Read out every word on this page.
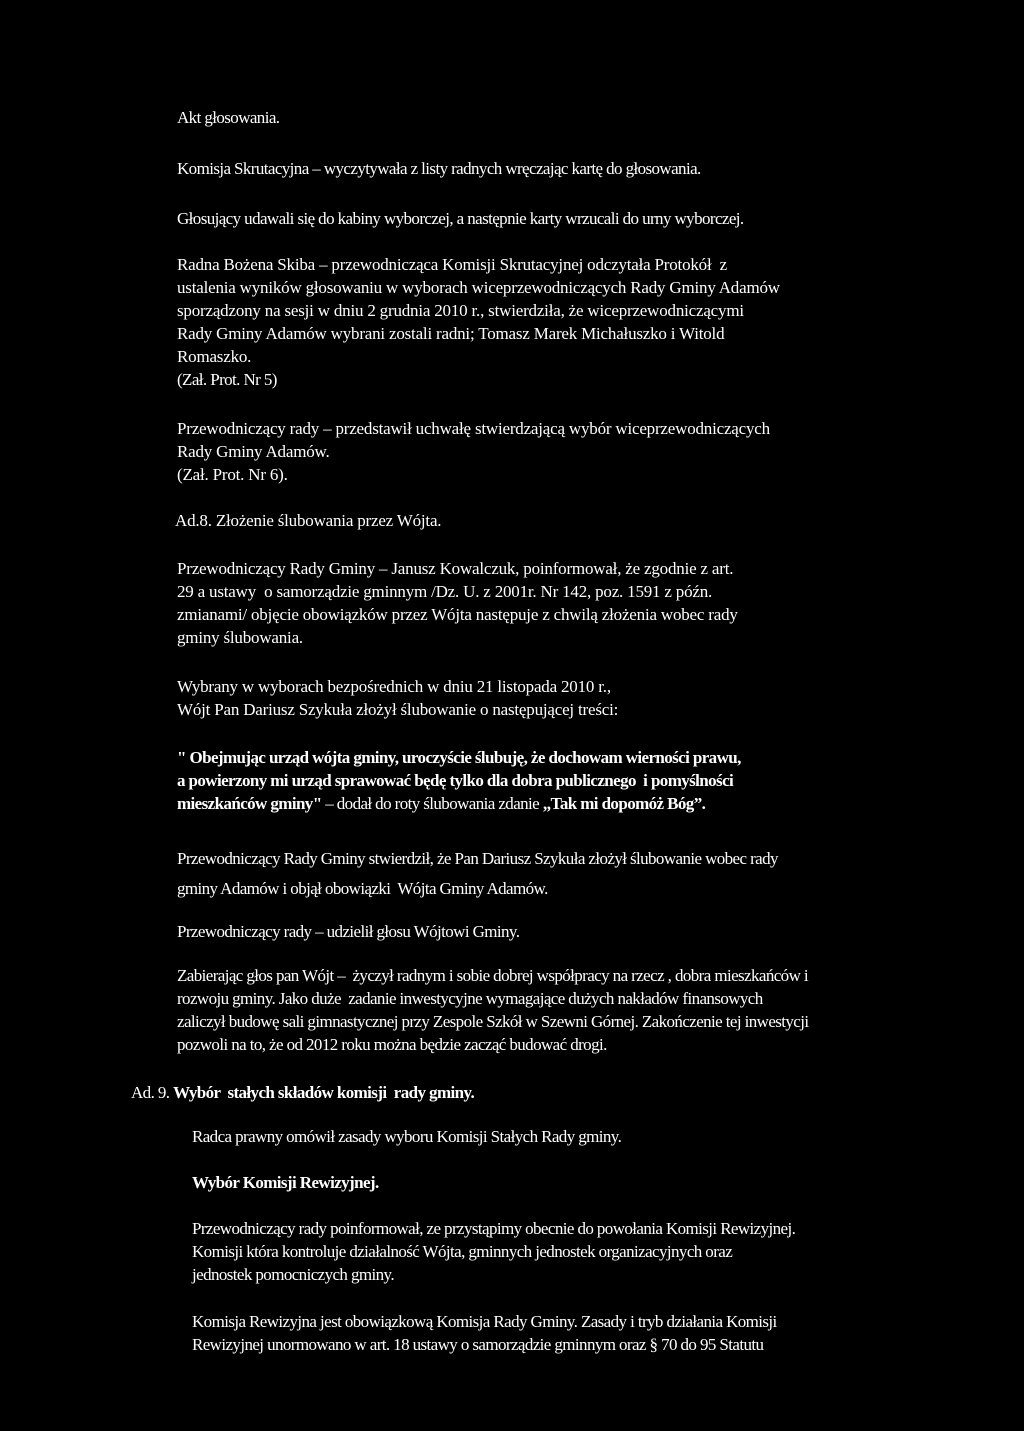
Akt głosowania.
Komisja Skrutacyjna – wyczytywała z listy radnych wręczając kartę do głosowania.
Głosujący udawali się do kabiny wyborczej, a następnie karty wrzucali do urny wyborczej.
Radna Bożena Skiba – przewodnicząca Komisji Skrutacyjnej odczytała Protokół  z
ustalenia wyników głosowaniu w wyborach wiceprzewodniczących Rady Gminy Adamów
sporządzony na sesji w dniu 2 grudnia 2010 r., stwierdziła, że wiceprzewodniczącymi
Rady Gminy Adamów wybrani zostali radni; Tomasz Marek Michałuszko i Witold
Romaszko.
(Zał. Prot. Nr 5)
Przewodniczący rady – przedstawił uchwałę stwierdzającą wybór wiceprzewodniczących
Rady Gminy Adamów.
(Zał. Prot. Nr 6).
Ad.8. Złożenie ślubowania przez Wójta.
Przewodniczący Rady Gminy – Janusz Kowalczuk, poinformował, że zgodnie z art.
29 a ustawy  o samorządzie gminnym /Dz. U. z 2001r. Nr 142, poz. 1591 z późn.
zmianami/ objęcie obowiązków przez Wójta następuje z chwilą złożenia wobec rady
gminy ślubowania.
Wybrany w wyborach bezpośrednich w dniu 21 listopada 2010 r.,
Wójt Pan Dariusz Szykuła złożył ślubowanie o następującej treści:
" Obejmując urząd wójta gminy, uroczyście ślubuję, że dochowam wierności prawu,
a powierzony mi urząd sprawować będę tylko dla dobra publicznego  i pomyślności
mieszkańców gminy" – dodał do roty ślubowania zdanie „Tak mi dopomóż Bóg”.
Przewodniczący Rady Gminy stwierdził, że Pan Dariusz Szykuła złożył ślubowanie wobec rady
gminy Adamów i objął obowiązki  Wójta Gminy Adamów.
Przewodniczący rady – udzielił głosu Wójtowi Gminy.
Zabierając głos pan Wójt –  życzył radnym i sobie dobrej współpracy na rzecz , dobra mieszkańców i
rozwoju gminy. Jako duże  zadanie inwestycyjne wymagające dużych nakładów finansowych
zaliczył budowę sali gimnastycznej przy Zespole Szkół w Szewni Górnej. Zakończenie tej inwestycji
pozwoli na to, że od 2012 roku można będzie zacząć budować drogi.
Ad. 9. Wybór  stałych składów komisji  rady gminy.
Radca prawny omówił zasady wyboru Komisji Stałych Rady gminy.
Wybór Komisji Rewizyjnej.
Przewodniczący rady poinformował, ze przystąpimy obecnie do powołania Komisji Rewizyjnej.
Komisji która kontroluje działalność Wójta, gminnych jednostek organizacyjnych oraz
jednostek pomocniczych gminy.
Komisja Rewizyjna jest obowiązkową Komisja Rady Gminy. Zasady i tryb działania Komisji
Rewizyjnej unormowano w art. 18 ustawy o samorządzie gminnym oraz § 70 do 95 Statutu
